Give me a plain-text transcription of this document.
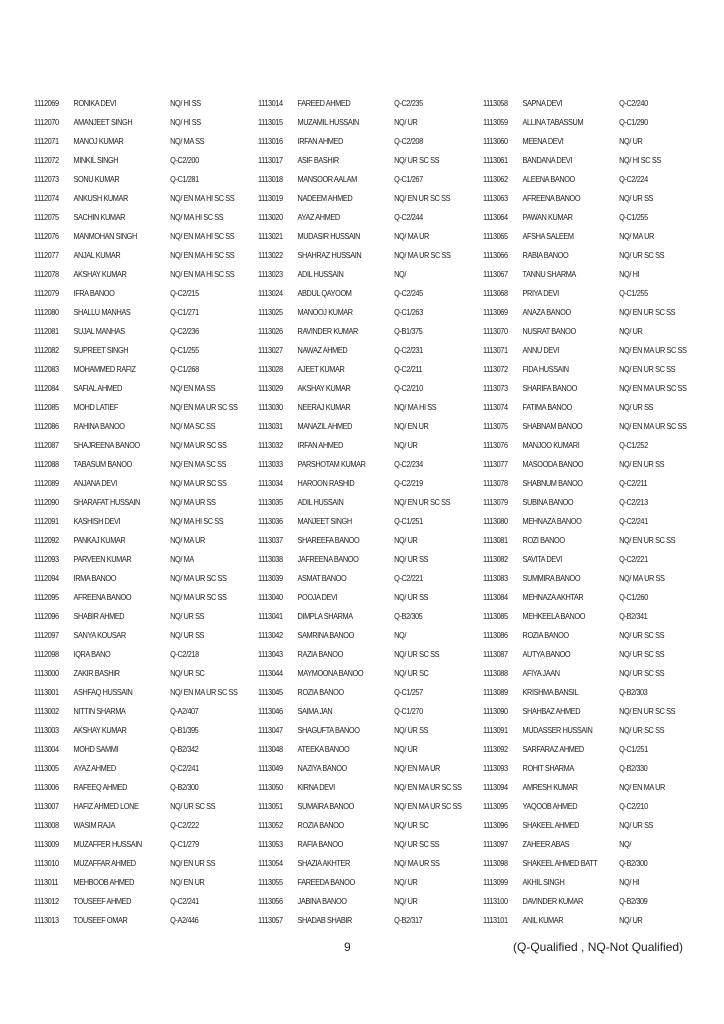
1112069	RONIKA DEVI	NQ/ HI SS
1112070	AMANJEET SINGH	NQ/ HI SS
1112071	MANOJ KUMAR	NQ/ MA SS
1112072	MINKIL SINGH	Q-C2/200
1112073	SONU KUMAR	Q-C1/281
1112074	ANKUSH KUMAR	NQ/ EN MA HI SC SS
1112075	SACHIN KUMAR	NQ/ MA HI SC SS
1112076	MANMOHAN SINGH	NQ/ EN MA HI SC SS
1112077	ANJAL KUMAR	NQ/ EN MA HI SC SS
1112078	AKSHAY KUMAR	NQ/ EN MA HI SC SS
1112079	IFRA BANOO	Q-C2/215
1112080	SHALLU MANHAS	Q-C1/271
1112081	SUJAL MANHAS	Q-C2/236
1112082	SUPREET SINGH	Q-C1/255
1112083	MOHAMMED RAFIZ	Q-C1/268
1112084	SAFIAL AHMED	NQ/ EN MA SS
1112085	MOHD LATIEF	NQ/ EN MA UR SC SS
1112086	RAHINA BANOO	NQ/ MA SC SS
1112087	SHAJREENA BANOO	NQ/ MA UR SC SS
1112088	TABASUM BANOO	NQ/ EN MA SC SS
1112089	ANJANA DEVI	NQ/ MA UR SC SS
1112090	SHARAFAT HUSSAIN	NQ/ MA UR SS
1112091	KASHISH DEVI	NQ/ MA HI SC SS
1112092	PANKAJ KUMAR	NQ/ MA UR
1112093	PARVEEN KUMAR	NQ/ MA
1112094	IRMA BANOO	NQ/ MA UR SC SS
1112095	AFREENA BANOO	NQ/ MA UR SC SS
1112096	SHABIR AHMED	NQ/ UR SS
1112097	SANYA KOUSAR	NQ/ UR SS
1112098	IQRA BANO	Q-C2/218
1113000	ZAKIR BASHIR	NQ/ UR SC
1113001	ASHFAQ HUSSAIN	NQ/ EN MA UR SC SS
1113002	NITTIN SHARMA	Q-A2/407
1113003	AKSHAY KUMAR	Q-B1/395
1113004	MOHD SAMMI	Q-B2/342
1113005	AYAZ AHMED	Q-C2/241
1113006	RAFEEQ AHMED	Q-B2/300
1113007	HAFIZ AHMED LONE	NQ/ UR SC SS
1113008	WASIM RAJA	Q-C2/222
1113009	MUZAFFER HUSSAIN	Q-C1/279
1113010	MUZAFFAR AHMED	NQ/ EN UR SS
1113011	MEHBOOB AHMED	NQ/ EN UR
1113012	TOUSEEF AHMED	Q-C2/241
1113013	TOUSEEF OMAR	Q-A2/446
1113014	FAREED AHMED	Q-C2/235
1113015	MUZAMIL HUSSAIN	NQ/ UR
1113016	IRFAN AHMED	Q-C2/208
1113017	ASIF BASHIR	NQ/ UR SC SS
1113018	MANSOOR AALAM	Q-C1/267
1113019	NADEEM AHMED	NQ/ EN UR SC SS
1113020	AYAZ AHMED	Q-C2/244
1113021	MUDASIR HUSSAIN	NQ/ MA UR
1113022	SHAHRAZ HUSSAIN	NQ/ MA UR SC SS
1113023	ADIL HUSSAIN	NQ/
1113024	ABDUL QAYOOM	Q-C2/245
1113025	MANOOJ KUMAR	Q-C1/263
1113026	RAVINDER KUMAR	Q-B1/375
1113027	NAWAZ AHMED	Q-C2/231
1113028	AJEET KUMAR	Q-C2/211
1113029	AKSHAY KUMAR	Q-C2/210
1113030	NEERAJ KUMAR	NQ/ MA HI SS
1113031	MANAZIL AHMED	NQ/ EN UR
1113032	IRFAN AHMED	NQ/ UR
1113033	PARSHOTAM KUMAR	Q-C2/234
1113034	HAROON RASHID	Q-C2/219
1113035	ADIL HUSSAIN	NQ/ EN UR SC SS
1113036	MANJEET SINGH	Q-C1/251
1113037	SHAREEFA BANOO	NQ/ UR
1113038	JAFREENA BANOO	NQ/ UR SS
1113039	ASMAT BANOO	Q-C2/221
1113040	POOJA DEVI	NQ/ UR SS
1113041	DIMPLA SHARMA	Q-B2/305
1113042	SAMRINA BANOO	NQ/
1113043	RAZIA BANOO	NQ/ UR SC SS
1113044	MAYMOONA BANOO	NQ/ UR SC
1113045	ROZIA BANOO	Q-C1/257
1113046	SAIMA JAN	Q-C1/270
1113047	SHAGUFTA BANOO	NQ/ UR SS
1113048	ATEEKA BANOO	NQ/ UR
1113049	NAZIYA BANOO	NQ/ EN MA UR
1113050	KIRNA DEVI	NQ/ EN MA UR SC SS
1113051	SUMAIRA BANOO	NQ/ EN MA UR SC SS
1113052	ROZIA BANOO	NQ/ UR SC
1113053	RAFIA BANOO	NQ/ UR SC SS
1113054	SHAZIA AKHTER	NQ/ MA UR SS
1113055	FAREEDA BANOO	NQ/ UR
1113056	JABINA BANOO	NQ/ UR
1113057	SHADAB SHABIR	Q-B2/317
1113058	SAPNA DEVI	Q-C2/240
1113059	ALLINA TABASSUM	Q-C1/290
1113060	MEENA DEVI	NQ/ UR
1113061	BANDANA DEVI	NQ/ HI SC SS
1113062	ALEENA BANOO	Q-C2/224
1113063	AFREENA BANOO	NQ/ UR SS
1113064	PAWAN KUMAR	Q-C1/255
1113065	AFSHA SALEEM	NQ/ MA UR
1113066	RABIA BANOO	NQ/ UR SC SS
1113067	TANNU SHARMA	NQ/ HI
1113068	PRIYA DEVI	Q-C1/255
1113069	ANAZA BANOO	NQ/ EN UR SC SS
1113070	NUSRAT BANOO	NQ/ UR
1113071	ANNU DEVI	NQ/ EN MA UR SC SS
1113072	FIDA HUSSAIN	NQ/ EN UR SC SS
1113073	SHARIFA BANOO	NQ/ EN MA UR SC SS
1113074	FATIMA BANOO	NQ/ UR SS
1113075	SHABNAM BANOO	NQ/ EN MA UR SC SS
1113076	MANJOO KUMARI	Q-C1/252
1113077	MASOODA BANOO	NQ/ EN UR SS
1113078	SHABNUM BANOO	Q-C2/211
1113079	SUBINA BANOO	Q-C2/213
1113080	MEHNAZA BANOO	Q-C2/241
1113081	ROZI BANOO	NQ/ EN UR SC SS
1113082	SAVITA DEVI	Q-C2/221
1113083	SUMMIRA BANOO	NQ/ MA UR SS
1113084	MEHNAZA AKHTAR	Q-C1/260
1113085	MEHKEELA BANOO	Q-B2/341
1113086	ROZIA BANOO	NQ/ UR SC SS
1113087	AUTYA BANOO	NQ/ UR SC SS
1113088	AFIYA JAAN	NQ/ UR SC SS
1113089	KRISHMA BANSIL	Q-B2/303
1113090	SHAHBAZ AHMED	NQ/ EN UR SC SS
1113091	MUDASSER HUSSAIN	NQ/ UR SC SS
1113092	SARFARAZ AHMED	Q-C1/251
1113093	ROHIT SHARMA	Q-B2/330
1113094	AMRESH KUMAR	NQ/ EN MA UR
1113095	YAQOOB AHMED	Q-C2/210
1113096	SHAKEEL AHMED	NQ/ UR SS
1113097	ZAHEER ABAS	NQ/
1113098	SHAKEEL AHMED BATT	Q-B2/300
1113099	AKHIL SINGH	NQ/ HI
1113100	DAVINDER KUMAR	Q-B2/309
1113101	ANIL KUMAR	NQ/ UR
9	(Q-Qualified , NQ-Not Qualified)
